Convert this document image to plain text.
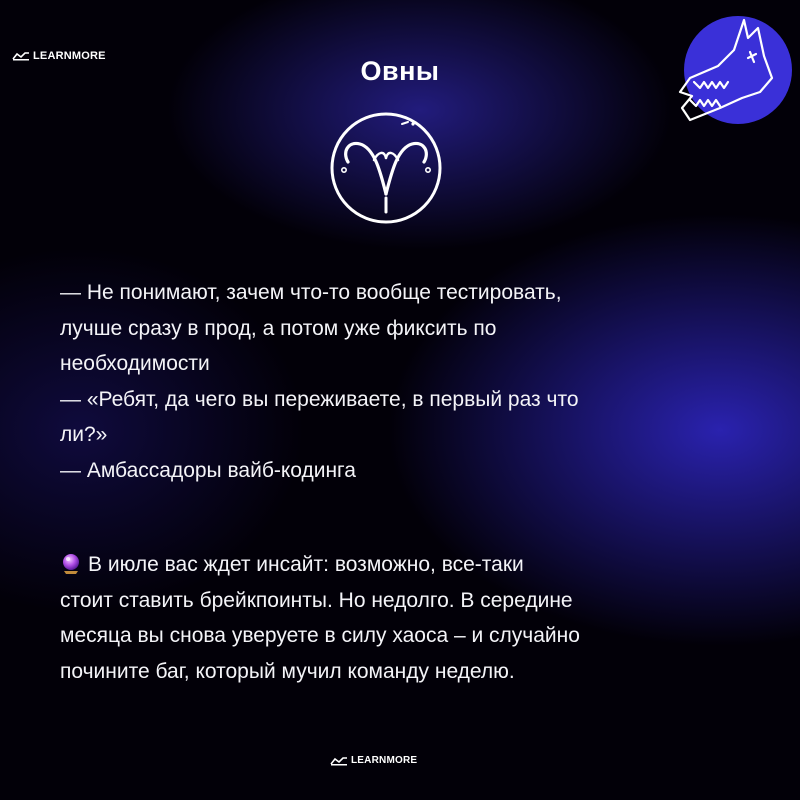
LEARNMORE	Овны
— Не понимают, зачем что-то вообще тестировать,
лучше сразу в прод, а потом уже фиксить по
необходимости
— «Ребят, да чего вы переживаете, в первый раз что
ли?»
— Амбассадоры вайб-кодинга
В июле вас ждет инсайт: возможно, все-таки
стоит ставить брейкпоинты. Но недолго. В середине
месяца вы снова уверуете в силу хаоса – и случайно
почините баг, который мучил команду неделю.
LEARNMORE
